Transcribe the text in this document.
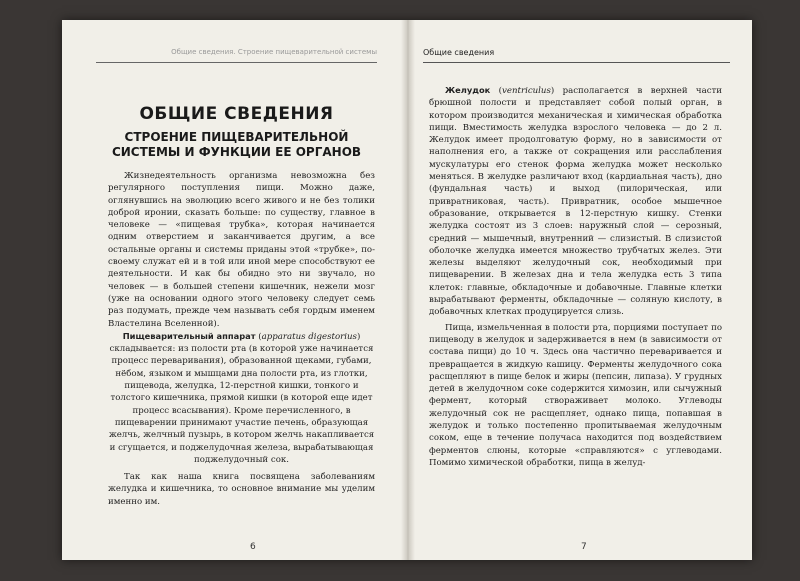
Общие сведения. Строение пищеварительной системы
ОБЩИЕ СВЕДЕНИЯ
СТРОЕНИЕ ПИЩЕВАРИТЕЛЬНОЙ СИСТЕМЫ И ФУНКЦИИ ЕЕ ОРГАНОВ

Жизнедеятельность организма невозможна без регулярного поступления пищи. Можно даже, оглянувшись на эволюцию всего живого и не без толики доброй иронии, сказать больше: по существу, главное в человеке — «пищевая трубка», которая начинается одним отверстием и заканчивается другим, а все остальные органы и системы приданы этой «трубке», по-своему служат ей и в той или иной мере способствуют ее деятельности. И как бы обидно это ни звучало, но человек — в большей степени кишечник, нежели мозг (уже на основании одного этого человеку следует семь раз подумать, прежде чем называть себя гордым именем Властелина Вселенной).

Пищеварительный аппарат (apparatus digestorius) складывается: из полости рта (в которой уже начинается процесс переваривания), образованной щеками, губами, нёбом, языком и мышцами дна полости рта, из глотки, пищевода, желудка, 12-перстной кишки, тонкого и толстого кишечника, прямой кишки (в которой еще идет процесс всасывания). Кроме перечисленного, в пищеварении принимают участие печень, образующая желчь, желчный пузырь, в котором желчь накапливается и сгущается, и поджелудочная железа, вырабатывающая поджелудочный сок.

Так как наша книга посвящена заболеваниям желудка и кишечника, то основное внимание мы уделим именно им.

6
Общие сведения

Желудок (ventriculus) располагается в верхней части брюшной полости и представляет собой полый орган, в котором производится механическая и химическая обработка пищи. Вместимость желудка взрослого человека — до 2 л. Желудок имеет продолговатую форму, но в зависимости от наполнения его, а также от сокращения или расслабления мускулатуры его стенок форма желудка может несколько меняться. В желудке различают вход (кардиальная часть), дно (фундальная часть) и выход (пилорическая, или привратниковая, часть). Привратник, особое мышечное образование, открывается в 12-перстную кишку. Стенки желудка состоят из 3 слоев: наружный слой — серозный, средний — мышечный, внутренний — слизистый. В слизистой оболочке желудка имеется множество трубчатых желез. Эти железы выделяют желудочный сок, необходимый при пищеварении. В железах дна и тела желудка есть 3 типа клеток: главные, обкладочные и добавочные. Главные клетки вырабатывают ферменты, обкладочные — соляную кислоту, в добавочных клетках продуцируется слизь.

Пища, измельченная в полости рта, порциями поступает по пищеводу в желудок и задерживается в нем (в зависимости от состава пищи) до 10 ч. Здесь она частично переваривается и превращается в жидкую кашицу. Ферменты желудочного сока расщепляют в пище белок и жиры (пепсин, липаза). У грудных детей в желудочном соке содержится химозин, или сычужный фермент, который створаживает молоко. Углеводы желудочный сок не расщепляет, однако пища, попавшая в желудок и только постепенно пропитываемая желудочным соком, еще в течение получаса находится под воздействием ферментов слюны, которые «справляются» с углеводами. Помимо химической обработки, пища в желуд-

7
